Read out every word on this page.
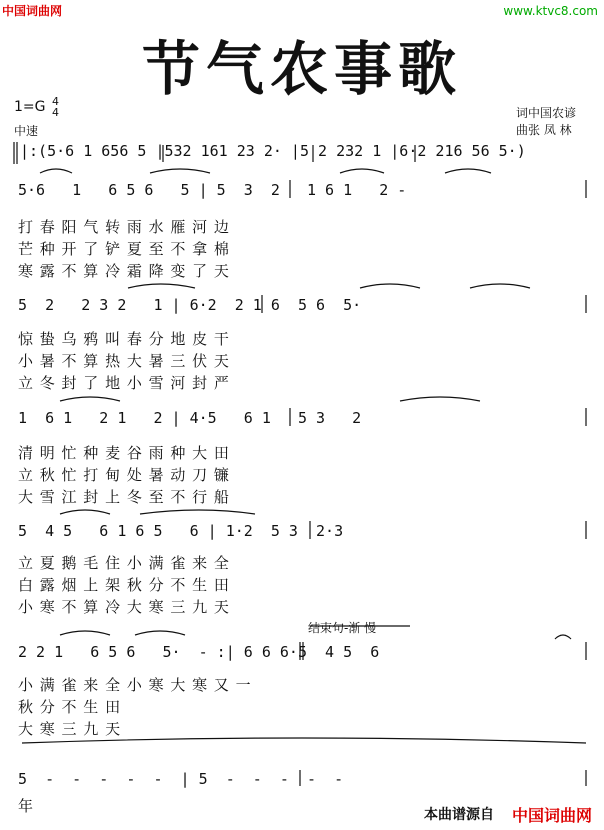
中国词曲网	www.ktvc8.com
节气农事歌
1=G 4
4
中速
词中国农谚
曲张 凤 林
|:(5·6 1 656 5 |532 161 23 2· |5 2 232 1 |6·2 216 56 5·)
5·6   1   6 5 6   5 | 5  3  2   1 6 1   2 -
打 春 阳 气 转 雨 水 雁 河 边
芒 种 开 了 铲 夏 至 不 拿 棉
寒 露 不 算 冷 霜 降 变 了 天
5  2   2 3 2   1 | 6·2  2 1 6  5 6  5·
惊 蛰 乌 鸦 叫 春 分 地 皮 干
小 暑 不 算 热 大 暑 三 伏 天
立 冬 封 了 地 小 雪 河 封 严
1  6 1   2 1   2 | 4·5   6 1   5 3   2
清 明 忙 种 麦 谷 雨 种 大 田
立 秋 忙 打 甸 处 暑 动 刀 镰
大 雪 江 封 上 冬 至 不 行 船
5  4 5   6 1 6 5   6 | 1·2  5 3  2·3
立 夏 鹅 毛 住 小 满 雀 来 全
白 露 烟 上 架 秋 分 不 生 田
小 寒 不 算 冷 大 寒 三 九 天
结束句-渐 慢
2 2 1   6 5 6   5·  - :| 6 6 6·5  4 5  6
小 满 雀 来 全 小 寒 大 寒 又 一
秋 分 不 生 田
大 寒 三 九 天
5  -  -  -  -  -  | 5  -  -  -  -  -
年	本曲谱源自 中国词曲网
